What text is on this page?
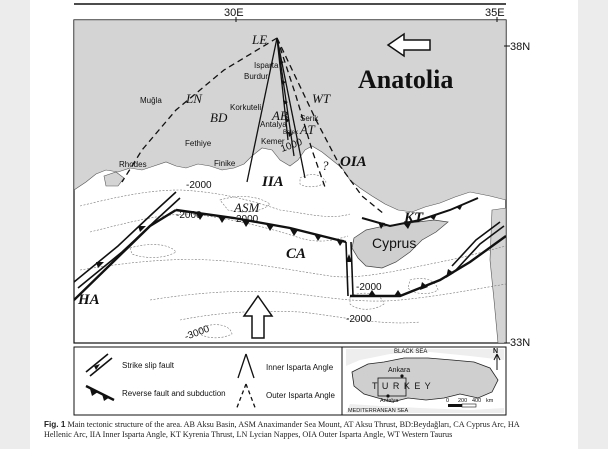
30E	35E
38N
33N
Anatolia
LE
Isparta
Burdur
Muğla
Korkuteli
Antalya
Serik
Belek
Fethiye	Kemer
Rhodes	Finike
Cyprus
LN
BD
WT
AB
AT
OIA
IIA
ASM
KT
CA
HA
?
1000
-2000
-2000	2000
-2000
-2000
-3000
Strike slip fault
Reverse fault and subduction
Inner Isparta Angle
Outer Isparta Angle
BLACK SEA
Ankara
T U R K E Y
Antalya
MEDITERRANEAN SEA
N
0 200 400 km
Fig. 1 Main tectonic structure of the area. AB Aksu Basin, ASM Anaximander Sea Mount, AT Aksu Thrust, BD:Beydağları, CA Cyprus Arc, HA Hellenic Arc, IIA Inner Isparta Angle, KT Kyrenia Thrust, LN Lycian Nappes, OIA Outer Isparta Angle, WT Western Taurus
